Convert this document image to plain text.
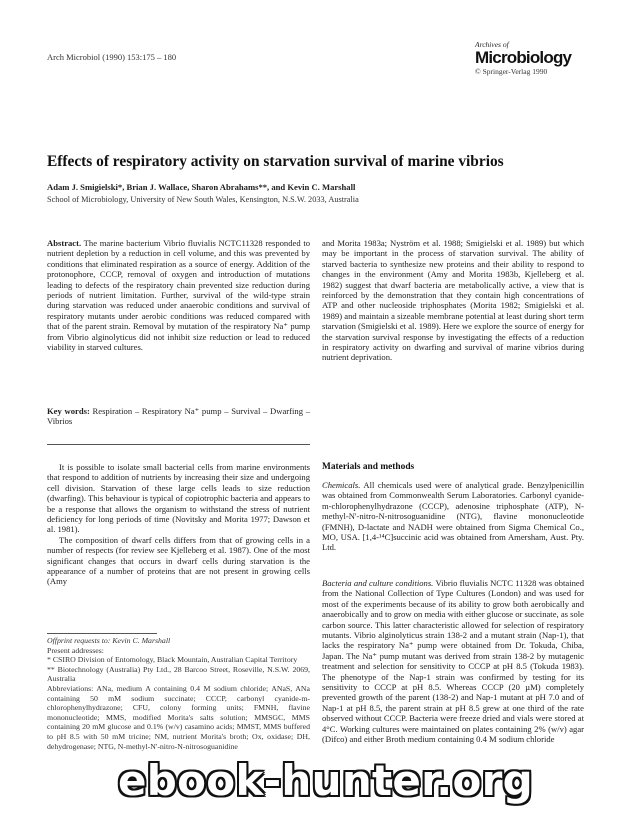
Arch Microbiol (1990) 153:175 – 180
Archives of
Microbiology
© Springer-Verlag 1990
Effects of respiratory activity on starvation survival of marine vibrios
Adam J. Smigielski*, Brian J. Wallace, Sharon Abrahams**, and Kevin C. Marshall
School of Microbiology, University of New South Wales, Kensington, N.S.W. 2033, Australia

Abstract. The marine bacterium Vibrio fluvialis NCTC11328 responded to nutrient depletion by a reduction in cell volume, and this was prevented by conditions that eliminated respiration as a source of energy. Addition of the protonophore, CCCP, removal of oxygen and introduction of mutations leading to defects of the respiratory chain prevented size reduction during periods of nutrient limitation. Further, survival of the wild-type strain during starvation was reduced under anaerobic conditions and survival of respiratory mutants under aerobic conditions was reduced compared with that of the parent strain. Removal by mutation of the respiratory Na⁺ pump from Vibrio alginolyticus did not inhibit size reduction or lead to reduced viability in starved cultures.

Key words: Respiration – Respiratory Na⁺ pump – Survival – Dwarfing – Vibrios

It is possible to isolate small bacterial cells from marine environments that respond to addition of nutrients by increasing their size and undergoing cell division. Starvation of these large cells leads to size reduction (dwarfing). This behaviour is typical of copiotrophic bacteria and appears to be a response that allows the organism to withstand the stress of nutrient deficiency for long periods of time (Novitsky and Morita 1977; Dawson et al. 1981).

The composition of dwarf cells differs from that of growing cells in a number of respects (for review see Kjelleberg et al. 1987). One of the most significant changes that occurs in dwarf cells during starvation is the appearance of a number of proteins that are not present in growing cells (Amy

Offprint requests to: Kevin C. Marshall

Present addresses:

* CSIRO Division of Entomology, Black Mountain, Australian Capital Territory

** Biotechnology (Australia) Pty Ltd., 28 Barcoo Street, Roseville, N.S.W. 2069, Australia

Abbreviations: ANa, medium A containing 0.4 M sodium chloride; ANaS, ANa containing 50 mM sodium succinate; CCCP, carbonyl cyanide-m-chlorophenylhydrazone; CFU, colony forming units; FMNH, flavine mononucleotide; MMS, modified Morita's salts solution; MMSGC, MMS containing 20 mM glucose and 0.1% (w/v) casamino acids; MMST, MMS buffered to pH 8.5 with 50 mM tricine; NM, nutrient Morita's broth; Ox, oxidase; DH, dehydrogenase; NTG, N-methyl-N'-nitro-N-nitrosoguanidine

and Morita 1983a; Nyström et al. 1988; Smigielski et al. 1989) but which may be important in the process of starvation survival. The ability of starved bacteria to synthesize new proteins and their ability to respond to changes in the environment (Amy and Morita 1983b, Kjelleberg et al. 1982) suggest that dwarf bacteria are metabolically active, a view that is reinforced by the demonstration that they contain high concentrations of ATP and other nucleoside triphosphates (Morita 1982; Smigielski et al. 1989) and maintain a sizeable membrane potential at least during short term starvation (Smigielski et al. 1989). Here we explore the source of energy for the starvation survival response by investigating the effects of a reduction in respiratory activity on dwarfing and survival of marine vibrios during nutrient deprivation.

Materials and methods

Chemicals. All chemicals used were of analytical grade. Benzylpenicillin was obtained from Commonwealth Serum Laboratories. Carbonyl cyanide-m-chlorophenylhydrazone (CCCP), adenosine triphosphate (ATP), N-methyl-N'-nitro-N-nitrosoguanidine (NTG), flavine mononucleotide (FMNH), D-lactate and NADH were obtained from Sigma Chemical Co., MO, USA. [1,4-¹⁴C]succinic acid was obtained from Amersham, Aust. Pty. Ltd.

Bacteria and culture conditions. Vibrio fluvialis NCTC 11328 was obtained from the National Collection of Type Cultures (London) and was used for most of the experiments because of its ability to grow both aerobically and anaerobically and to grow on media with either glucose or succinate, as sole carbon source. This latter characteristic allowed for selection of respiratory mutants. Vibrio alginolyticus strain 138-2 and a mutant strain (Nap-1), that lacks the respiratory Na⁺ pump were obtained from Dr. Tokuda, Chiba, Japan. The Na⁺ pump mutant was derived from strain 138-2 by mutagenic treatment and selection for sensitivity to CCCP at pH 8.5 (Tokuda 1983). The phenotype of the Nap-1 strain was confirmed by testing for its sensitivity to CCCP at pH 8.5. Whereas CCCP (20 µM) completely prevented growth of the parent (138-2) and Nap-1 mutant at pH 7.0 and of Nap-1 at pH 8.5, the parent strain at pH 8.5 grew at one third of the rate observed without CCCP. Bacteria were freeze dried and vials were stored at 4°C. Working cultures were maintained on plates containing 2% (w/v) agar (Difco) and either Broth medium containing 0.4 M sodium chloride

ebook-hunter.org
